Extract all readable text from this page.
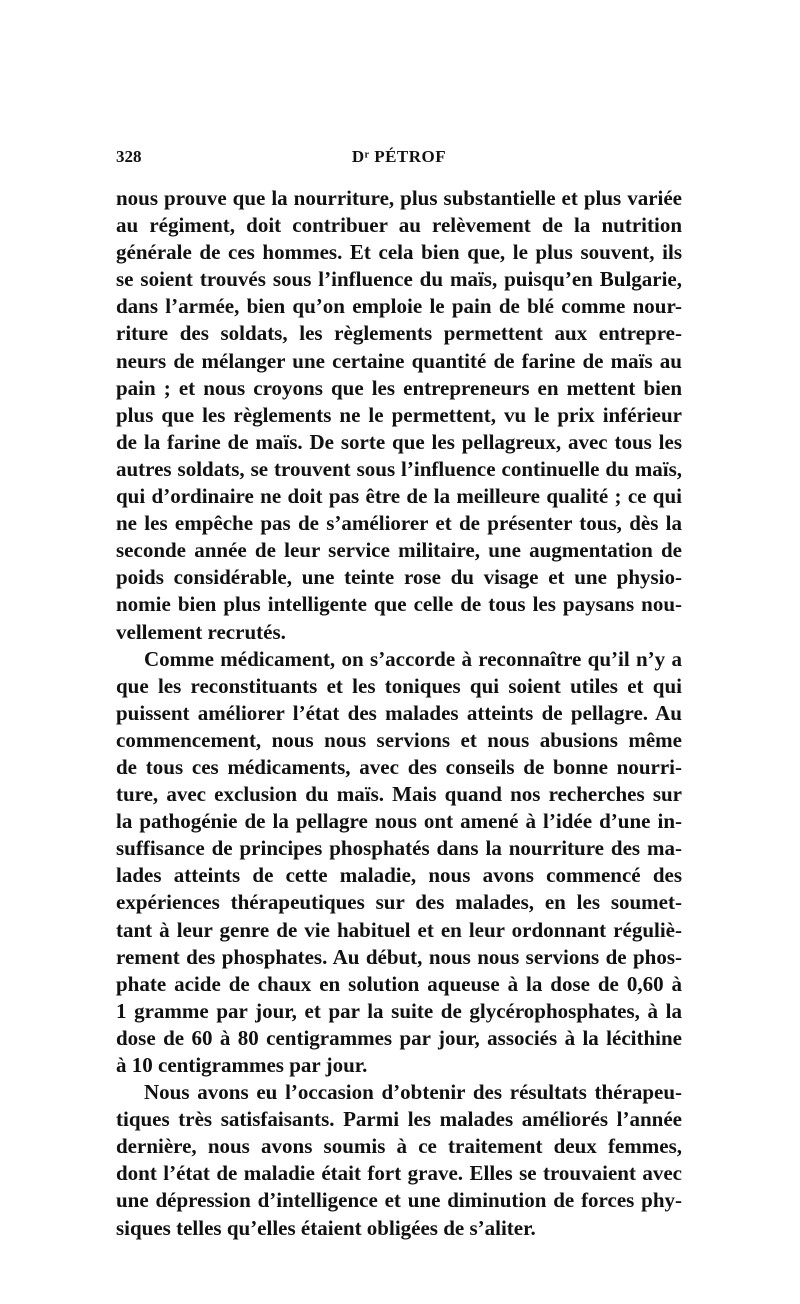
328	Dʳ PÉTROF
nous prouve que la nourriture, plus substantielle et plus variée
au régiment, doit contribuer au relèvement de la nutrition
générale de ces hommes. Et cela bien que, le plus souvent, ils
se soient trouvés sous l’influence du maïs, puisqu’en Bulgarie,
dans l’armée, bien qu’on emploie le pain de blé comme nour-
riture des soldats, les règlements permettent aux entrepre-
neurs de mélanger une certaine quantité de farine de maïs au
pain ; et nous croyons que les entrepreneurs en mettent bien
plus que les règlements ne le permettent, vu le prix inférieur
de la farine de maïs. De sorte que les pellagreux, avec tous les
autres soldats, se trouvent sous l’influence continuelle du maïs,
qui d’ordinaire ne doit pas être de la meilleure qualité ; ce qui
ne les empêche pas de s’améliorer et de présenter tous, dès la
seconde année de leur service militaire, une augmentation de
poids considérable, une teinte rose du visage et une physio-
nomie bien plus intelligente que celle de tous les paysans nou-
vellement recrutés.
Comme médicament, on s’accorde à reconnaître qu’il n’y a
que les reconstituants et les toniques qui soient utiles et qui
puissent améliorer l’état des malades atteints de pellagre. Au
commencement, nous nous servions et nous abusions même
de tous ces médicaments, avec des conseils de bonne nourri-
ture, avec exclusion du maïs. Mais quand nos recherches sur
la pathogénie de la pellagre nous ont amené à l’idée d’une in-
suffisance de principes phosphatés dans la nourriture des ma-
lades atteints de cette maladie, nous avons commencé des
expériences thérapeutiques sur des malades, en les soumet-
tant à leur genre de vie habituel et en leur ordonnant réguliè-
rement des phosphates. Au début, nous nous servions de phos-
phate acide de chaux en solution aqueuse à la dose de 0,60 à
1 gramme par jour, et par la suite de glycérophosphates, à la
dose de 60 à 80 centigrammes par jour, associés à la lécithine
à 10 centigrammes par jour.
Nous avons eu l’occasion d’obtenir des résultats thérapeu-
tiques très satisfaisants. Parmi les malades améliorés l’année
dernière, nous avons soumis à ce traitement deux femmes,
dont l’état de maladie était fort grave. Elles se trouvaient avec
une dépression d’intelligence et une diminution de forces phy-
siques telles qu’elles étaient obligées de s’aliter.
